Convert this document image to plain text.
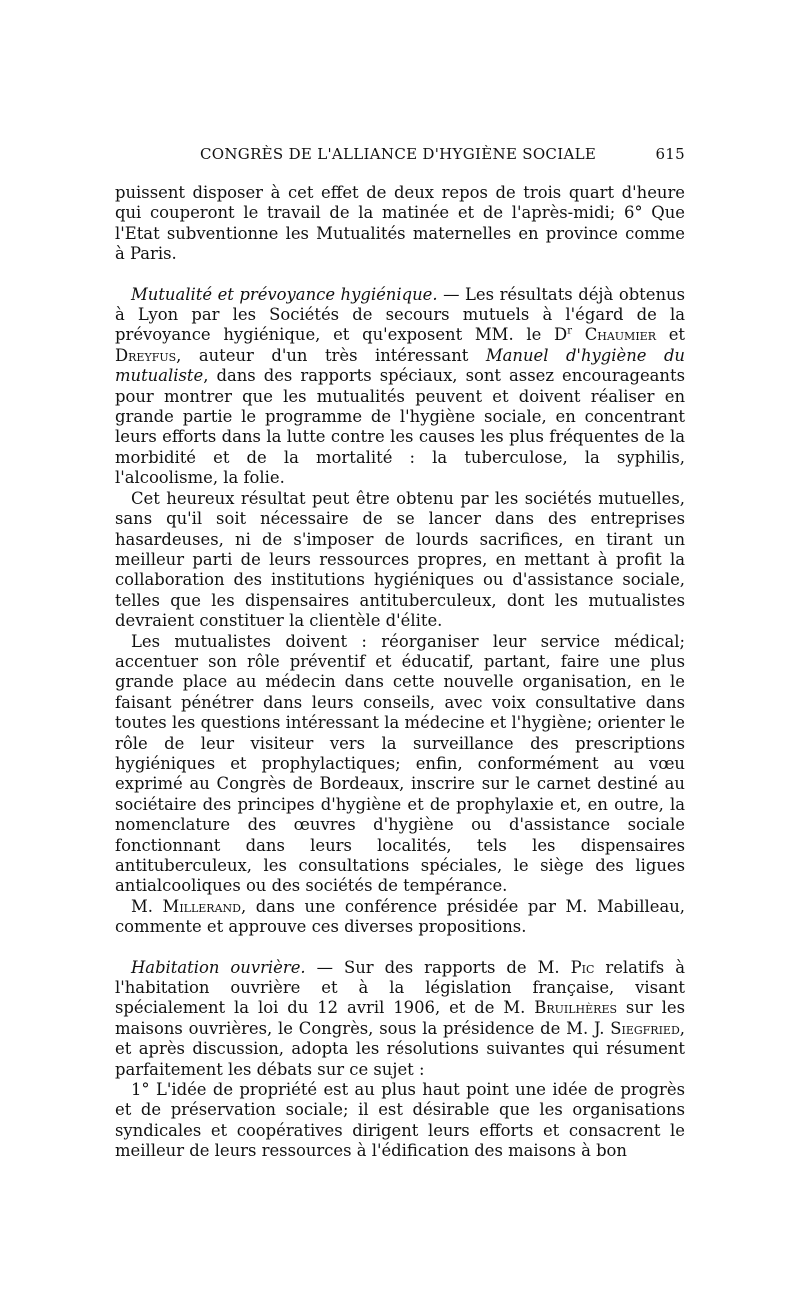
CONGRÈS DE L'ALLIANCE D'HYGIÈNE SOCIALE	615

puissent disposer à cet effet de deux repos de trois quart d'heure qui couperont le travail de la matinée et de l'après-midi; 6° Que l'Etat subventionne les Mutualités maternelles en province comme à Paris.

Mutualité et prévoyance hygiénique. — Les résultats déjà obtenus à Lyon par les Sociétés de secours mutuels à l'égard de la prévoyance hygiénique, et qu'exposent MM. le $D^r$ Chaumier et Dreyfus, auteur d'un très intéressant Manuel d'hygiène du mutualiste, dans des rapports spéciaux, sont assez encourageants pour montrer que les mutualités peuvent et doivent réaliser en grande partie le programme de l'hygiène sociale, en concentrant leurs efforts dans la lutte contre les causes les plus fréquentes de la morbidité et de la mortalité : la tuberculose, la syphilis, l'alcoolisme, la folie.

Cet heureux résultat peut être obtenu par les sociétés mutuelles, sans qu'il soit nécessaire de se lancer dans des entreprises hasardeuses, ni de s'imposer de lourds sacrifices, en tirant un meilleur parti de leurs ressources propres, en mettant à profit la collaboration des institutions hygiéniques ou d'assistance sociale, telles que les dispensaires antituberculeux, dont les mutualistes devraient constituer la clientèle d'élite.

Les mutualistes doivent : réorganiser leur service médical; accentuer son rôle préventif et éducatif, partant, faire une plus grande place au médecin dans cette nouvelle organisation, en le faisant pénétrer dans leurs conseils, avec voix consultative dans toutes les questions intéressant la médecine et l'hygiène; orienter le rôle de leur visiteur vers la surveillance des prescriptions hygiéniques et prophylactiques; enfin, conformément au vœu exprimé au Congrès de Bordeaux, inscrire sur le carnet destiné au sociétaire des principes d'hygiène et de prophylaxie et, en outre, la nomenclature des œuvres d'hygiène ou d'assistance sociale fonctionnant dans leurs localités, tels les dispensaires antituberculeux, les consultations spéciales, le siège des ligues antialcooliques ou des sociétés de tempérance.

M. Millerand, dans une conférence présidée par M. Mabilleau, commente et approuve ces diverses propositions.

Habitation ouvrière. — Sur des rapports de M. Pic relatifs à l'habitation ouvrière et à la législation française, visant spécialement la loi du 12 avril 1906, et de M. Bruilhères sur les maisons ouvrières, le Congrès, sous la présidence de M. J. Siegfried, et après discussion, adopta les résolutions suivantes qui résument parfaitement les débats sur ce sujet :

1° L'idée de propriété est au plus haut point une idée de progrès et de préservation sociale; il est désirable que les organisations syndicales et coopératives dirigent leurs efforts et consacrent le meilleur de leurs ressources à l'édification des maisons à bon
